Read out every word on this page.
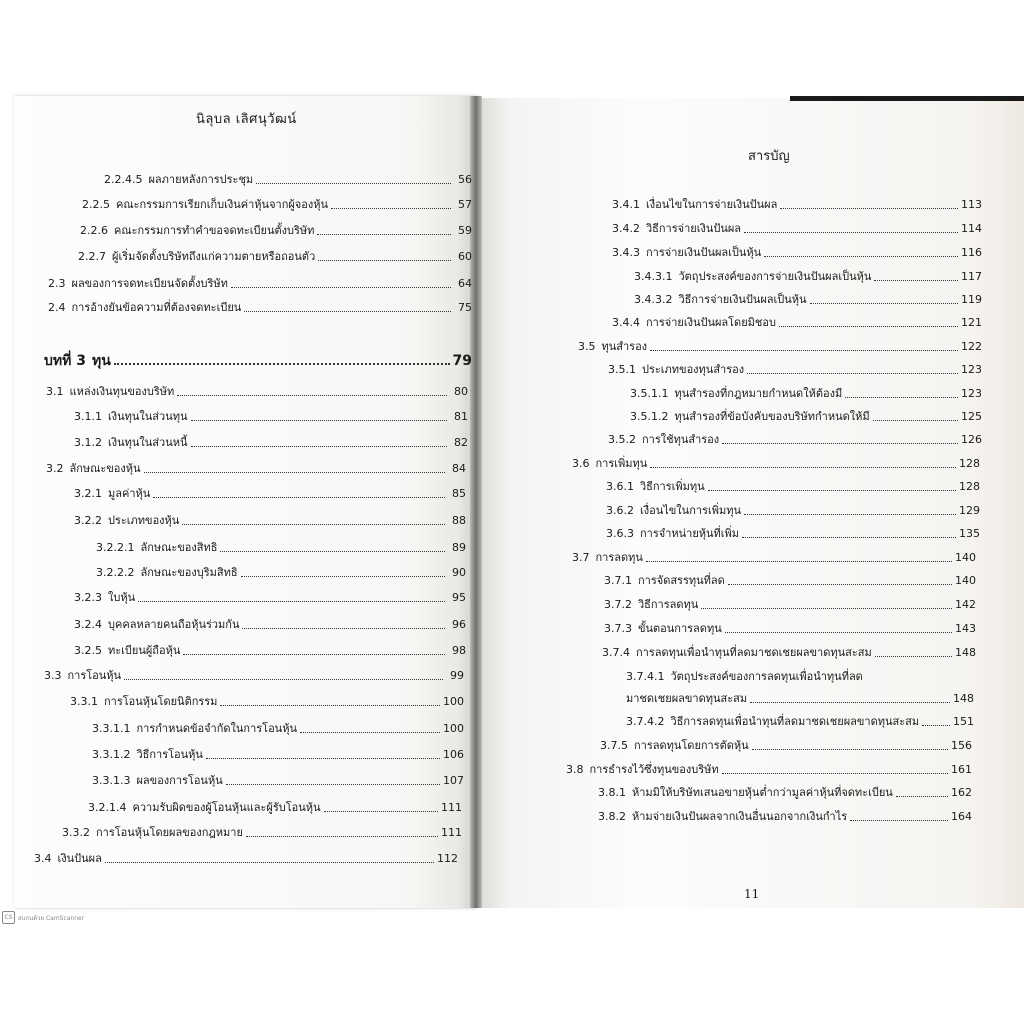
นิลุบล เลิศนุวัฒน์
สารบัญ
11
2.2.4.5 ผลภายหลังการประชุม	56
2.2.5 คณะกรรมการเรียกเก็บเงินค่าหุ้นจากผู้จองหุ้น	57
2.2.6 คณะกรรมการทำคำขอจดทะเบียนตั้งบริษัท	59
2.2.7 ผู้เริ่มจัดตั้งบริษัทถึงแก่ความตายหรือถอนตัว	60
2.3 ผลของการจดทะเบียนจัดตั้งบริษัท	64
2.4 การอ้างยันข้อความที่ต้องจดทะเบียน	75
บทที่ 3 ทุน	79
3.1 แหล่งเงินทุนของบริษัท	80
3.1.1 เงินทุนในส่วนทุน	81
3.1.2 เงินทุนในส่วนหนี้	82
3.2 ลักษณะของหุ้น	84
3.2.1 มูลค่าหุ้น	85
3.2.2 ประเภทของหุ้น	88
3.2.2.1 ลักษณะของสิทธิ	89
3.2.2.2 ลักษณะของบุริมสิทธิ	90
3.2.3 ใบหุ้น	95
3.2.4 บุคคลหลายคนถือหุ้นร่วมกัน	96
3.2.5 ทะเบียนผู้ถือหุ้น	98
3.3 การโอนหุ้น	99
3.3.1 การโอนหุ้นโดยนิติกรรม	100
3.3.1.1 การกำหนดข้อจำกัดในการโอนหุ้น	100
3.3.1.2 วิธีการโอนหุ้น	106
3.3.1.3 ผลของการโอนหุ้น	107
3.2.1.4 ความรับผิดของผู้โอนหุ้นและผู้รับโอนหุ้น	111
3.3.2 การโอนหุ้นโดยผลของกฎหมาย	111
3.4 เงินปันผล	112
3.4.1 เงื่อนไขในการจ่ายเงินปันผล	113
3.4.2 วิธีการจ่ายเงินปันผล	114
3.4.3 การจ่ายเงินปันผลเป็นหุ้น	116
3.4.3.1 วัตถุประสงค์ของการจ่ายเงินปันผลเป็นหุ้น	117
3.4.3.2 วิธีการจ่ายเงินปันผลเป็นหุ้น	119
3.4.4 การจ่ายเงินปันผลโดยมิชอบ	121
3.5 ทุนสำรอง	122
3.5.1 ประเภทของทุนสำรอง	123
3.5.1.1 ทุนสำรองที่กฎหมายกำหนดให้ต้องมี	123
3.5.1.2 ทุนสำรองที่ข้อบังคับของบริษัทกำหนดให้มี	125
3.5.2 การใช้ทุนสำรอง	126
3.6 การเพิ่มทุน	128
3.6.1 วิธีการเพิ่มทุน	128
3.6.2 เงื่อนไขในการเพิ่มทุน	129
3.6.3 การจำหน่ายหุ้นที่เพิ่ม	135
3.7 การลดทุน	140
3.7.1 การจัดสรรทุนที่ลด	140
3.7.2 วิธีการลดทุน	142
3.7.3 ขั้นตอนการลดทุน	143
3.7.4 การลดทุนเพื่อนำทุนที่ลดมาชดเชยผลขาดทุนสะสม	148
3.7.4.1 วัตถุประสงค์ของการลดทุนเพื่อนำทุนที่ลด
มาชดเชยผลขาดทุนสะสม	148
3.7.4.2 วิธีการลดทุนเพื่อนำทุนที่ลดมาชดเชยผลขาดทุนสะสม	151
3.7.5 การลดทุนโดยการตัดหุ้น	156
3.8 การธำรงไว้ซึ่งทุนของบริษัท	161
3.8.1 ห้ามมิให้บริษัทเสนอขายหุ้นต่ำกว่ามูลค่าหุ้นที่จดทะเบียน	162
3.8.2 ห้ามจ่ายเงินปันผลจากเงินอื่นนอกจากเงินกำไร	164
CS สแกนด้วย CamScanner
